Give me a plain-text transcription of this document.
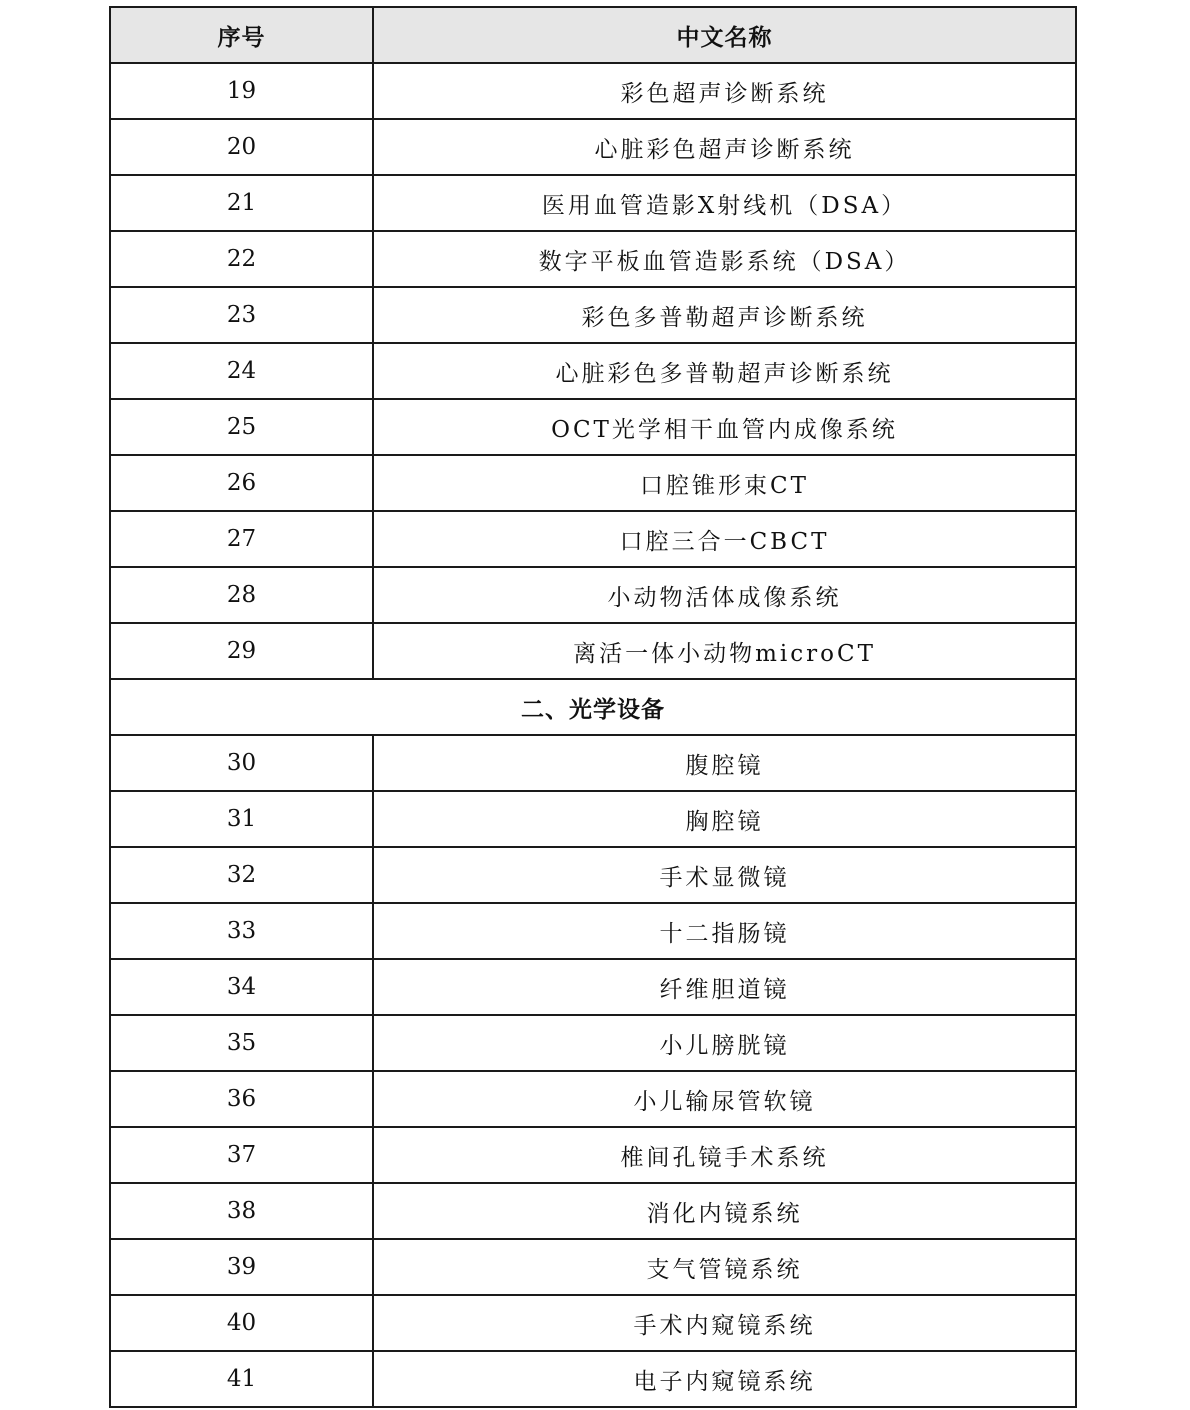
序号	中文名称
19	彩色超声诊断系统
20	心脏彩色超声诊断系统
21	医用血管造影X射线机（DSA）
22	数字平板血管造影系统（DSA）
23	彩色多普勒超声诊断系统
24	心脏彩色多普勒超声诊断系统
25	OCT光学相干血管内成像系统
26	口腔锥形束CT
27	口腔三合一CBCT
28	小动物活体成像系统
29	离活一体小动物microCT
二、光学设备	
30	腹腔镜
31	胸腔镜
32	手术显微镜
33	十二指肠镜
34	纤维胆道镜
35	小儿膀胱镜
36	小儿输尿管软镜
37	椎间孔镜手术系统
38	消化内镜系统
39	支气管镜系统
40	手术内窥镜系统
41	电子内窥镜系统
